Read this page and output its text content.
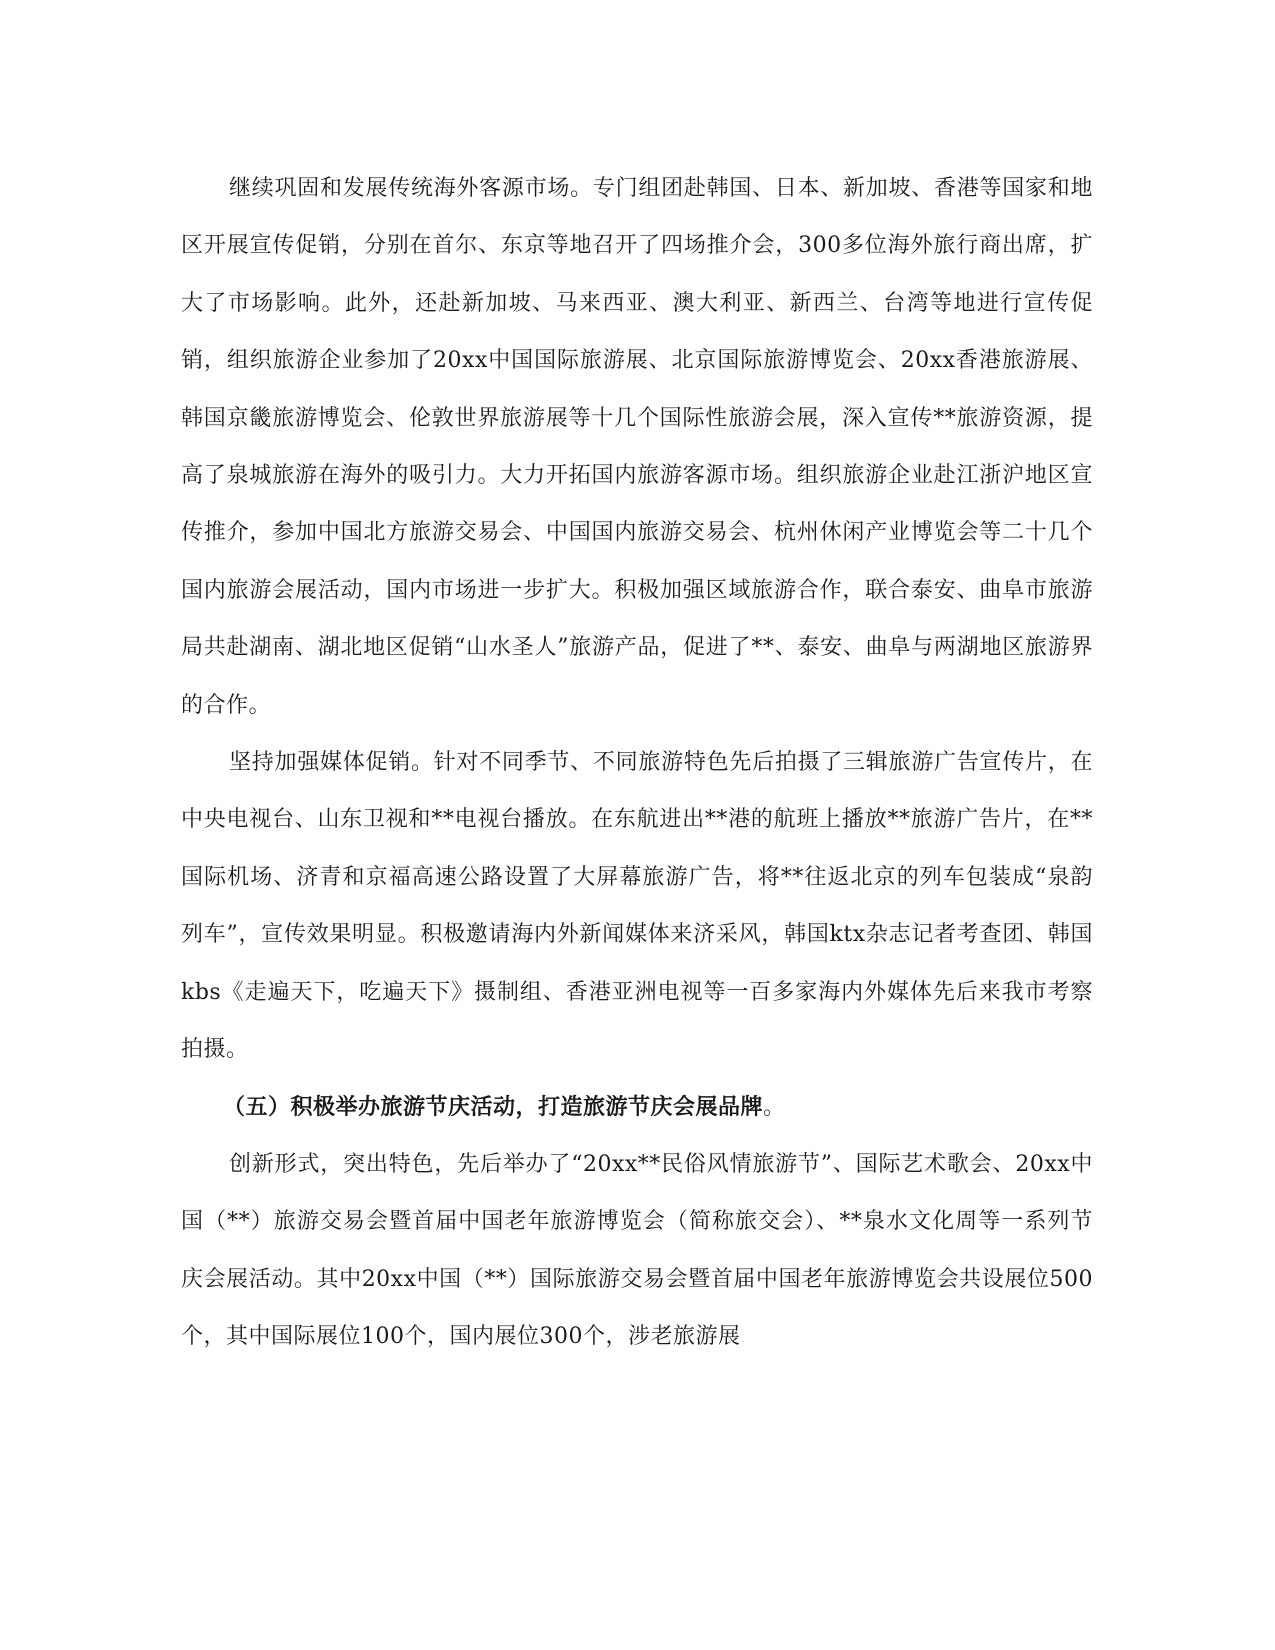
继续巩固和发展传统海外客源市场。专门组团赴韩国、日本、新加坡、香港等国家和地区开展宣传促销，分别在首尔、东京等地召开了四场推介会，300多位海外旅行商出席，扩大了市场影响。此外，还赴新加坡、马来西亚、澳大利亚、新西兰、台湾等地进行宣传促销，组织旅游企业参加了20xx中国国际旅游展、北京国际旅游博览会、20xx香港旅游展、韩国京畿旅游博览会、伦敦世界旅游展等十几个国际性旅游会展，深入宣传**旅游资源，提高了泉城旅游在海外的吸引力。大力开拓国内旅游客源市场。组织旅游企业赴江浙沪地区宣传推介，参加中国北方旅游交易会、中国国内旅游交易会、杭州休闲产业博览会等二十几个国内旅游会展活动，国内市场进一步扩大。积极加强区域旅游合作，联合泰安、曲阜市旅游局共赴湖南、湖北地区促销“山水圣人”旅游产品，促进了**、泰安、曲阜与两湖地区旅游界的合作。

坚持加强媒体促销。针对不同季节、不同旅游特色先后拍摄了三辑旅游广告宣传片，在中央电视台、山东卫视和**电视台播放。在东航进出**港的航班上播放**旅游广告片，在**国际机场、济青和京福高速公路设置了大屏幕旅游广告，将**往返北京的列车包装成“泉韵列车”，宣传效果明显。积极邀请海内外新闻媒体来济采风，韩国ktx杂志记者考查团、韩国kbs《走遍天下，吃遍天下》摄制组、香港亚洲电视等一百多家海内外媒体先后来我市考察拍摄。

（五）积极举办旅游节庆活动，打造旅游节庆会展品牌。

创新形式，突出特色，先后举办了“20xx**民俗风情旅游节”、国际艺术歌会、20xx中国（**）旅游交易会暨首届中国老年旅游博览会（简称旅交会）、**泉水文化周等一系列节庆会展活动。其中20xx中国（**）国际旅游交易会暨首届中国老年旅游博览会共设展位500个，其中国际展位100个，国内展位300个，涉老旅游展
